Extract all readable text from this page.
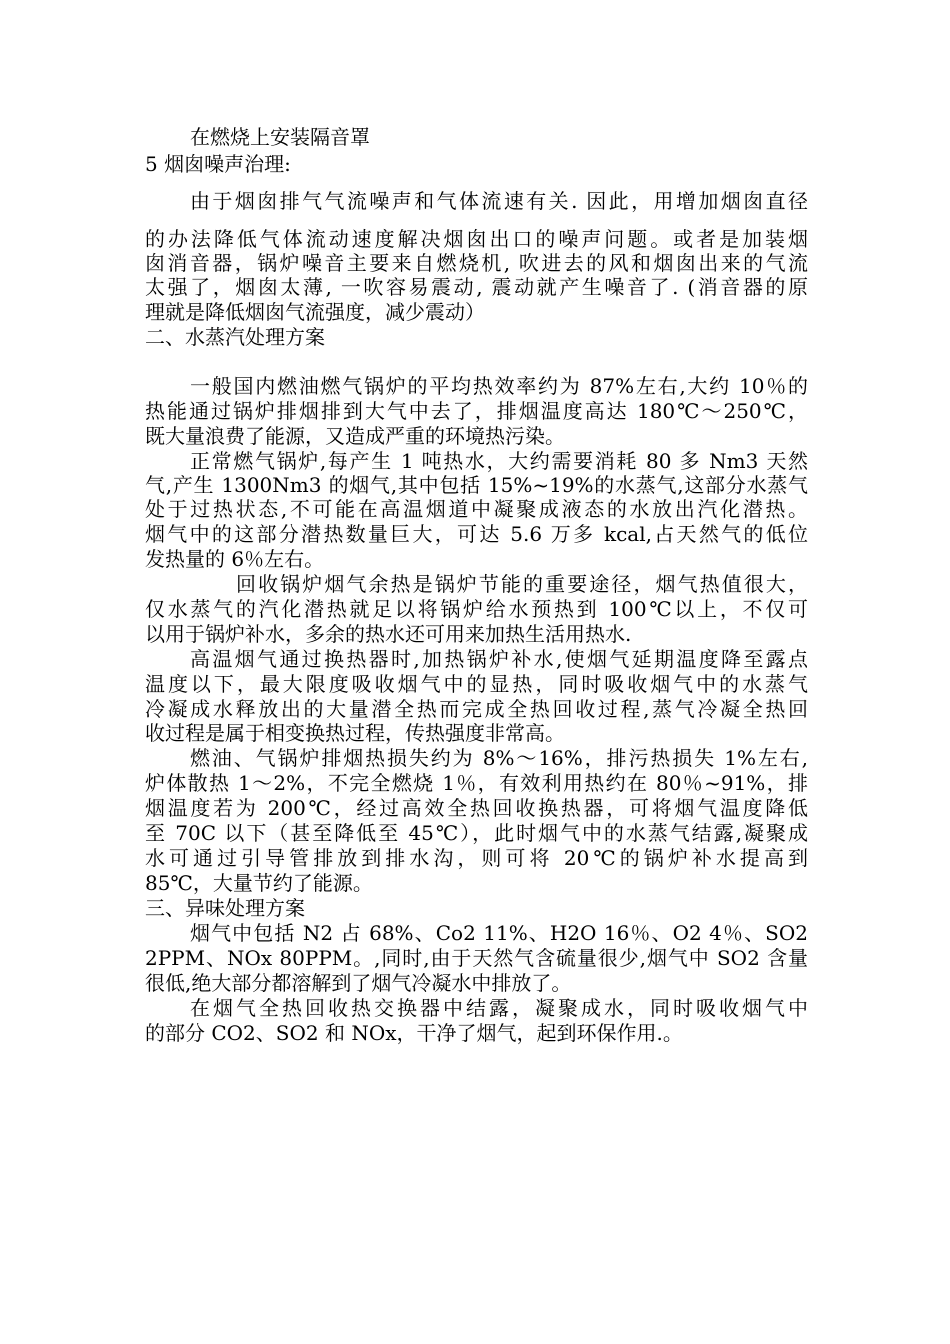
在燃烧上安装隔音罩
5 烟囱噪声治理:
由于烟囱排气气流噪声和气体流速有关. 因此，用增加烟囱直径
的办法降低气体流动速度解决烟囱出口的噪声问题。或者是加装烟
囱消音器，锅炉噪音主要来自燃烧机, 吹进去的风和烟囱出来的气流
太强了，烟囱太薄, 一吹容易震动, 震动就产生噪音了. (消音器的原
理就是降低烟囱气流强度，减少震动）
二、水蒸汽处理方案
一般国内燃油燃气锅炉的平均热效率约为 87%左右,大约 10％的
热能通过锅炉排烟排到大气中去了，排烟温度高达 180℃～250℃，
既大量浪费了能源，又造成严重的环境热污染。
正常燃气锅炉,每产生 1 吨热水，大约需要消耗 80 多 Nm3 天然
气,产生 1300Nm3 的烟气,其中包括 15%~19%的水蒸气,这部分水蒸气
处于过热状态,不可能在高温烟道中凝聚成液态的水放出汽化潜热。
烟气中的这部分潜热数量巨大，可达 5.6 万多 kcal,占天然气的低位
发热量的 6％左右。
回收锅炉烟气余热是锅炉节能的重要途径，烟气热值很大，
仅水蒸气的汽化潜热就足以将锅炉给水预热到 100℃以上，不仅可
以用于锅炉补水，多余的热水还可用来加热生活用热水.
高温烟气通过换热器时,加热锅炉补水,使烟气延期温度降至露点
温度以下，最大限度吸收烟气中的显热，同时吸收烟气中的水蒸气
冷凝成水释放出的大量潜全热而完成全热回收过程,蒸气冷凝全热回
收过程是属于相变换热过程，传热强度非常高。
燃油、气锅炉排烟热损失约为 8%～16%，排污热损失 1%左右,
炉体散热 1～2%，不完全燃烧 1％，有效利用热约在 80％~91%，排
烟温度若为 200℃，经过高效全热回收换热器，可将烟气温度降低
至 70C 以下（甚至降低至 45℃），此时烟气中的水蒸气结露,凝聚成
水可通过引导管排放到排水沟，则可将 20℃的锅炉补水提高到
85℃，大量节约了能源。
三、异味处理方案
烟气中包括 N2 占 68%、Co2 11%、H2O 16％、O2 4％、SO2
2PPM、NOx 80PPM。,同时,由于天然气含硫量很少,烟气中 SO2 含量
很低,绝大部分都溶解到了烟气冷凝水中排放了。
在烟气全热回收热交换器中结露，凝聚成水，同时吸收烟气中
的部分 CO2、SO2 和 NOx，干净了烟气，起到环保作用.。
